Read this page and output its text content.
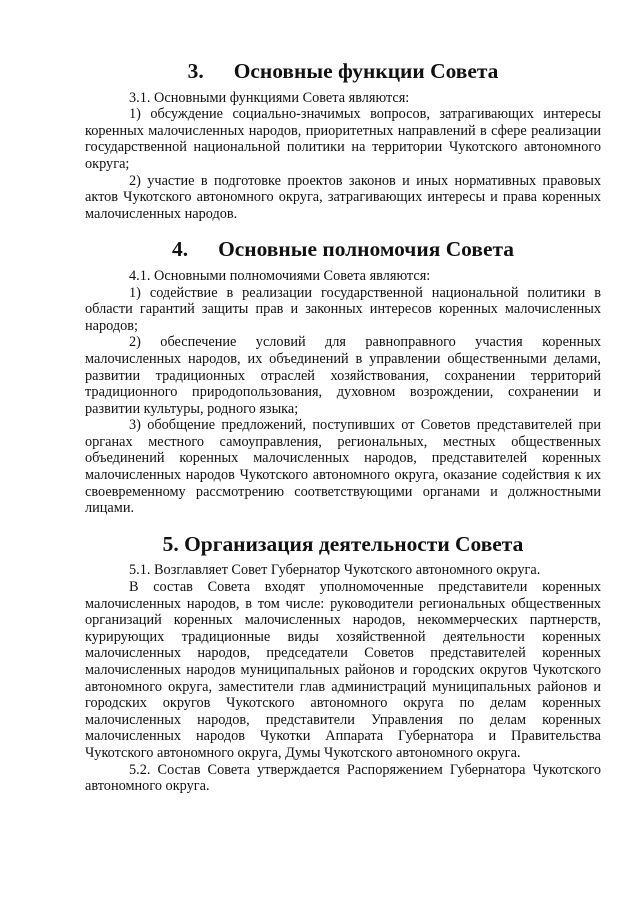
3. Основные функции Совета

3.1. Основными функциями Совета являются:

1) обсуждение социально-значимых вопросов, затрагивающих интересы коренных малочисленных народов, приоритетных направлений в сфере реализации государственной национальной политики на территории Чукотского автономного округа;

2) участие в подготовке проектов законов и иных нормативных правовых актов Чукотского автономного округа, затрагивающих интересы и права коренных малочисленных народов.

4. Основные полномочия Совета

4.1. Основными полномочиями Совета являются:

1) содействие в реализации государственной национальной политики в области гарантий защиты прав и законных интересов коренных малочисленных народов;

2) обеспечение условий для равноправного участия коренных малочисленных народов, их объединений в управлении общественными делами, развитии традиционных отраслей хозяйствования, сохранении территорий традиционного природопользования, духовном возрождении, сохранении и развитии культуры, родного языка;

3) обобщение предложений, поступивших от Советов представителей при органах местного самоуправления, региональных, местных общественных объединений коренных малочисленных народов, представителей коренных малочисленных народов Чукотского автономного округа, оказание содействия к их своевременному рассмотрению соответствующими органами и должностными лицами.

5. Организация деятельности Совета

5.1. Возглавляет Совет Губернатор Чукотского автономного округа.

В состав Совета входят уполномоченные представители коренных малочисленных народов, в том числе: руководители региональных общественных организаций коренных малочисленных народов, некоммерческих партнерств, курирующих традиционные виды хозяйственной деятельности коренных малочисленных народов, председатели Советов представителей коренных малочисленных народов муниципальных районов и городских округов Чукотского автономного округа, заместители глав администраций муниципальных районов и городских округов Чукотского автономного округа по делам коренных малочисленных народов, представители Управления по делам коренных малочисленных народов Чукотки Аппарата Губернатора и Правительства Чукотского автономного округа, Думы Чукотского автономного округа.

5.2. Состав Совета утверждается Распоряжением Губернатора Чукотского автономного округа.
